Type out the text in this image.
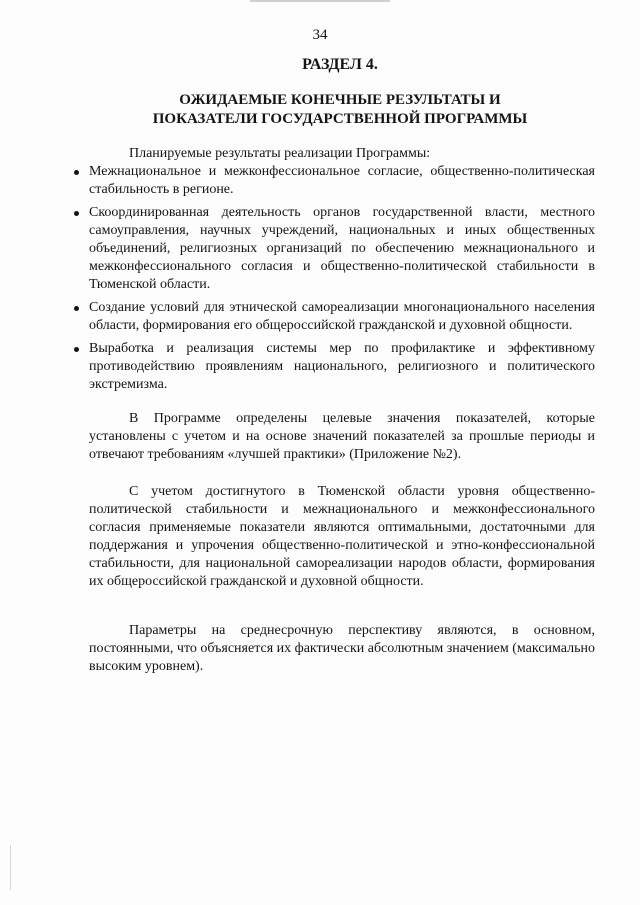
34
РАЗДЕЛ 4.
ОЖИДАЕМЫЕ КОНЕЧНЫЕ РЕЗУЛЬТАТЫ И
ПОКАЗАТЕЛИ ГОСУДАРСТВЕННОЙ ПРОГРАММЫ
Планируемые результаты реализации Программы:
Межнациональное и межконфессиональное согласие, общественно-политическая стабильность в регионе.
Скоординированная деятельность органов государственной власти, местного самоуправления, научных учреждений, национальных и иных общественных объединений, религиозных организаций по обеспечению межнационального и межконфессионального согласия и общественно-политической стабильности в Тюменской области.
Создание условий для этнической самореализации многонационального населения области, формирования его общероссийской гражданской и духовной общности.
Выработка и реализация системы мер по профилактике и эффективному противодействию проявлениям национального, религиозного и политического экстремизма.

В Программе определены целевые значения показателей, которые установлены с учетом и на основе значений показателей за прошлые периоды и отвечают требованиям «лучшей практики» (Приложение №2).

С учетом достигнутого в Тюменской области уровня общественно-политической стабильности и межнационального и межконфессионального согласия применяемые показатели являются оптимальными, достаточными для поддержания и упрочения общественно-политической и этно-конфессиональной стабильности, для национальной самореализации народов области, формирования их общероссийской гражданской и духовной общности.

Параметры на среднесрочную перспективу являются, в основном, постоянными, что объясняется их фактически абсолютным значением (максимально высоким уровнем).
